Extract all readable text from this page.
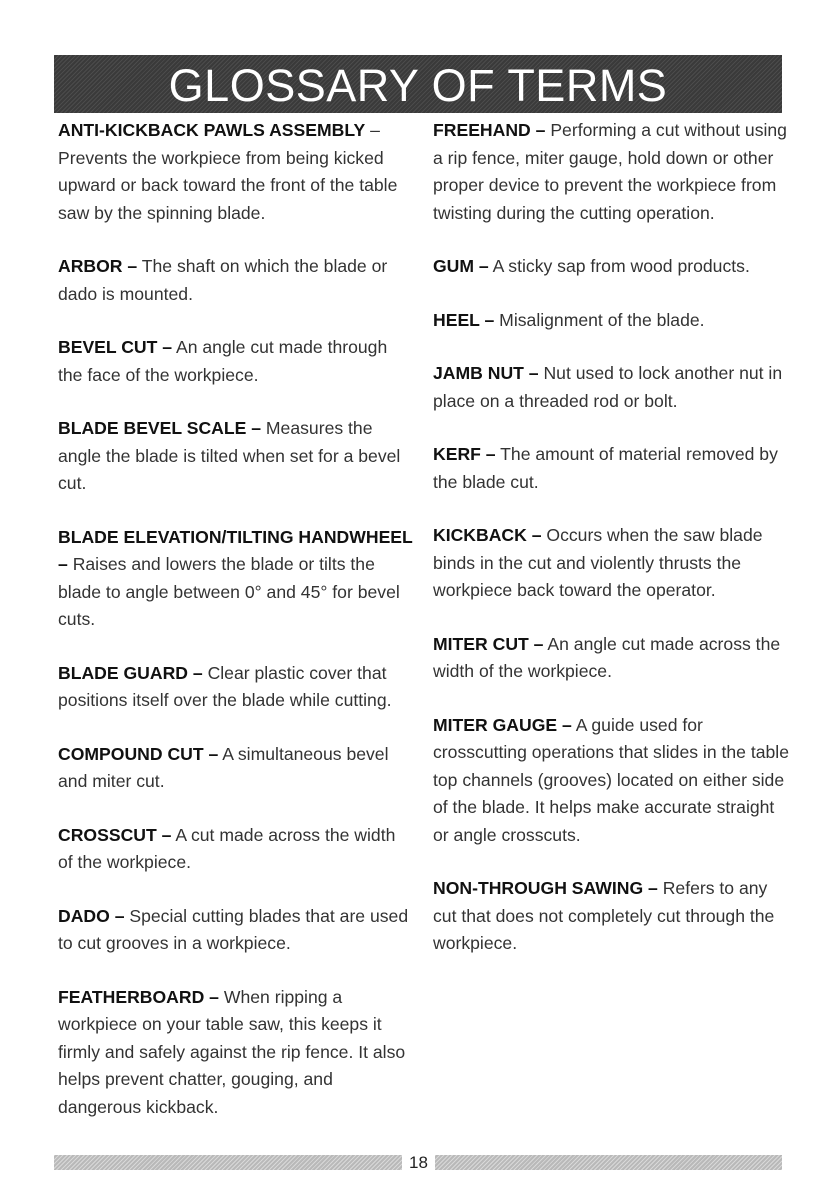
GLOSSARY OF TERMS
ANTI-KICKBACK PAWLS ASSEMBLY – Prevents the workpiece from being kicked upward or back toward the front of the table saw by the spinning blade.
ARBOR – The shaft on which the blade or dado is mounted.
BEVEL CUT – An angle cut made through the face of the workpiece.
BLADE BEVEL SCALE – Measures the angle the blade is tilted when set for a bevel cut.
BLADE ELEVATION/TILTING HANDWHEEL – Raises and lowers the blade or tilts the blade to angle between 0° and 45° for bevel cuts.
BLADE GUARD – Clear plastic cover that positions itself over the blade while cutting.
COMPOUND CUT – A simultaneous bevel and miter cut.
CROSSCUT – A cut made across the width of the workpiece.
DADO – Special cutting blades that are used to cut grooves in a workpiece.
FEATHERBOARD – When ripping a workpiece on your table saw, this keeps it firmly and safely against the rip fence. It also helps prevent chatter, gouging, and dangerous kickback.
FREEHAND – Performing a cut without using a rip fence, miter gauge, hold down or other proper device to prevent the workpiece from twisting during the cutting operation.
GUM – A sticky sap from wood products.
HEEL – Misalignment of the blade.
JAMB NUT – Nut used to lock another nut in place on a threaded rod or bolt.
KERF – The amount of material removed by the blade cut.
KICKBACK – Occurs when the saw blade binds in the cut and violently thrusts the workpiece back toward the operator.
MITER CUT – An angle cut made across the width of the workpiece.
MITER GAUGE – A guide used for crosscutting operations that slides in the table top channels (grooves) located on either side of the blade. It helps make accurate straight or angle crosscuts.
NON-THROUGH SAWING – Refers to any cut that does not completely cut through the workpiece.
18
